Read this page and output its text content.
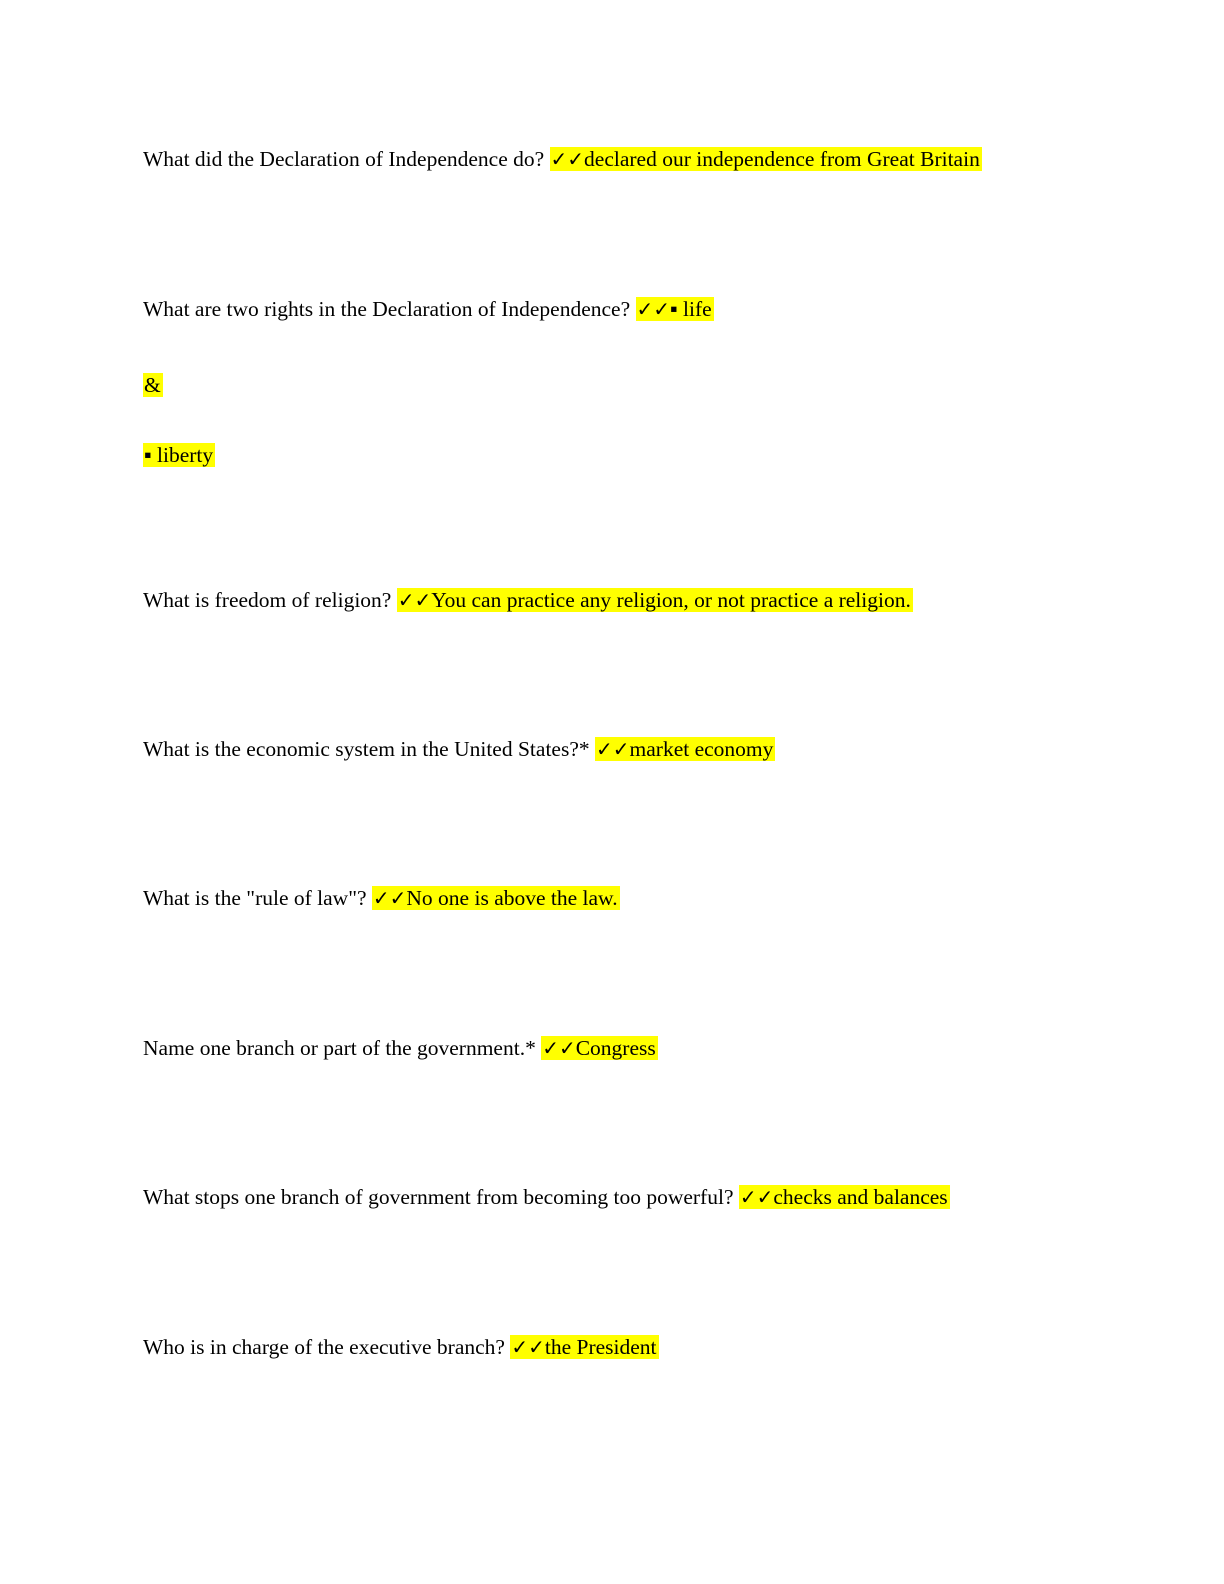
What did the Declaration of Independence do? ✓✓declared our independence from Great Britain
What are two rights in the Declaration of Independence? ✓✓▪ life
&
▪ liberty
What is freedom of religion? ✓✓You can practice any religion, or not practice a religion.
What is the economic system in the United States?* ✓✓market economy
What is the "rule of law"? ✓✓No one is above the law.
Name one branch or part of the government.* ✓✓Congress
What stops one branch of government from becoming too powerful? ✓✓checks and balances
Who is in charge of the executive branch? ✓✓the President
